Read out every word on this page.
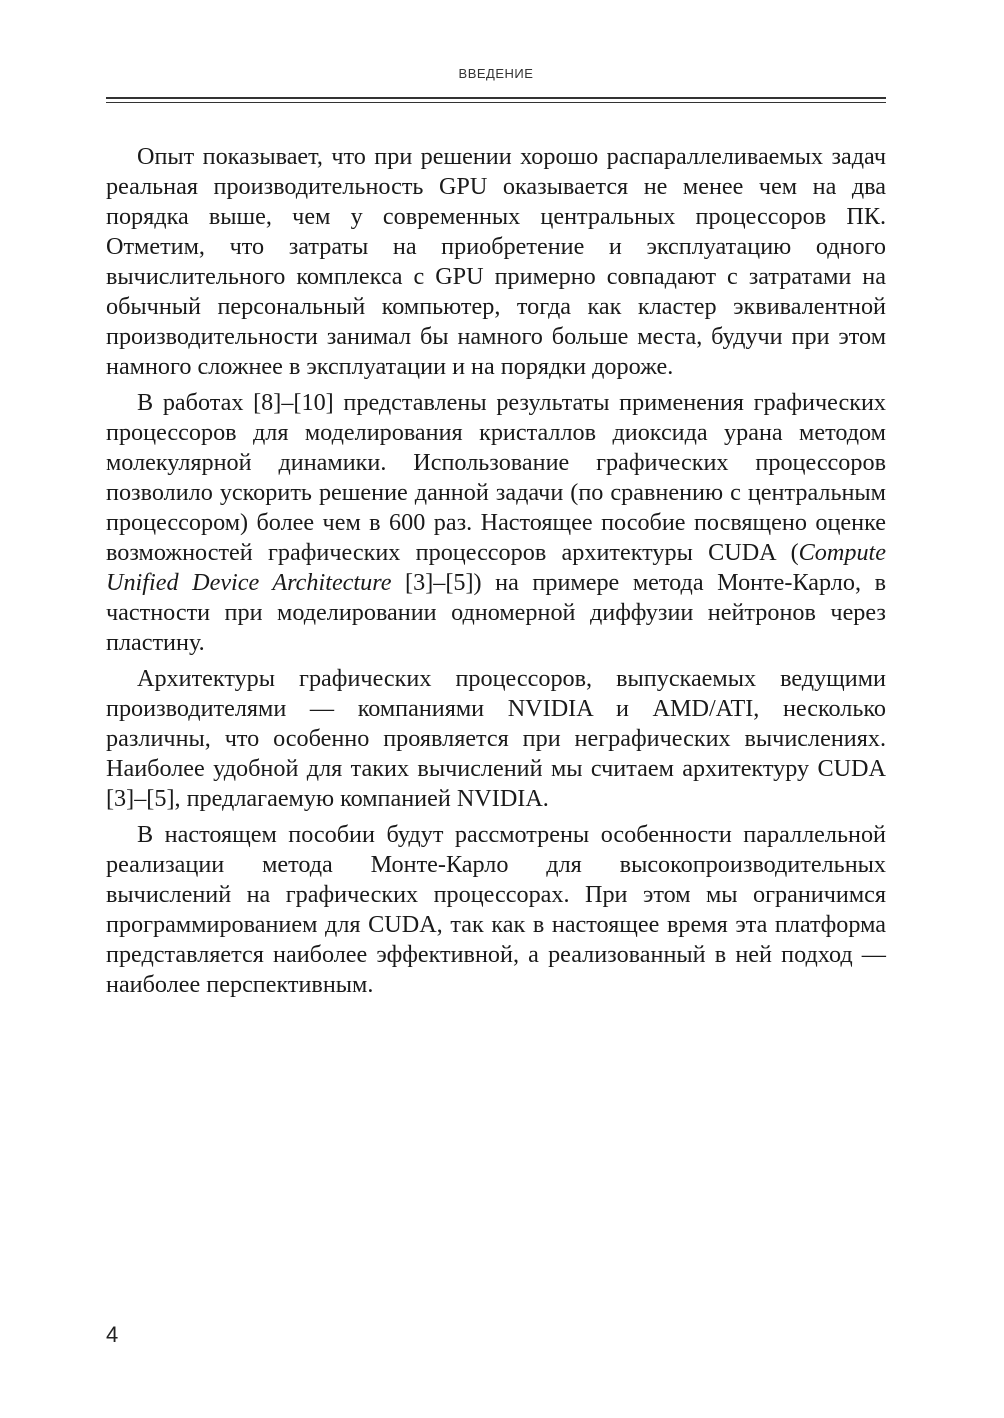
ВВЕДЕНИЕ

Опыт показывает, что при решении хорошо распараллеливаемых задач реальная производительность GPU оказывается не менее чем на два порядка выше, чем у современных центральных процессоров ПК. Отметим, что затраты на приобретение и эксплуатацию одного вычислительного комплекса с GPU примерно совпадают с затратами на обычный персональный компьютер, тогда как кластер эквивалентной производительности занимал бы намного больше места, будучи при этом намного сложнее в эксплуатации и на порядки дороже.

В работах [8]–[10] представлены результаты применения графических процессоров для моделирования кристаллов диоксида урана методом молекулярной динамики. Использование графических процессоров позволило ускорить решение данной задачи (по сравнению с центральным процессором) более чем в 600 раз. Настоящее пособие посвящено оценке возможностей графических процессоров архитектуры CUDA (Compute Unified Device Architecture [3]–[5]) на примере метода Монте-Карло, в частности при моделировании одномерной диффузии нейтронов через пластину.

Архитектуры графических процессоров, выпускаемых ведущими производителями — компаниями NVIDIA и AMD/ATI, несколько различны, что особенно проявляется при неграфических вычислениях. Наиболее удобной для таких вычислений мы считаем архитектуру CUDA [3]–[5], предлагаемую компанией NVIDIA.

В настоящем пособии будут рассмотрены особенности параллельной реализации метода Монте-Карло для высокопроизводительных вычислений на графических процессорах. При этом мы ограничимся программированием для CUDA, так как в настоящее время эта платформа представляется наиболее эффективной, а реализованный в ней подход — наиболее перспективным.

4
